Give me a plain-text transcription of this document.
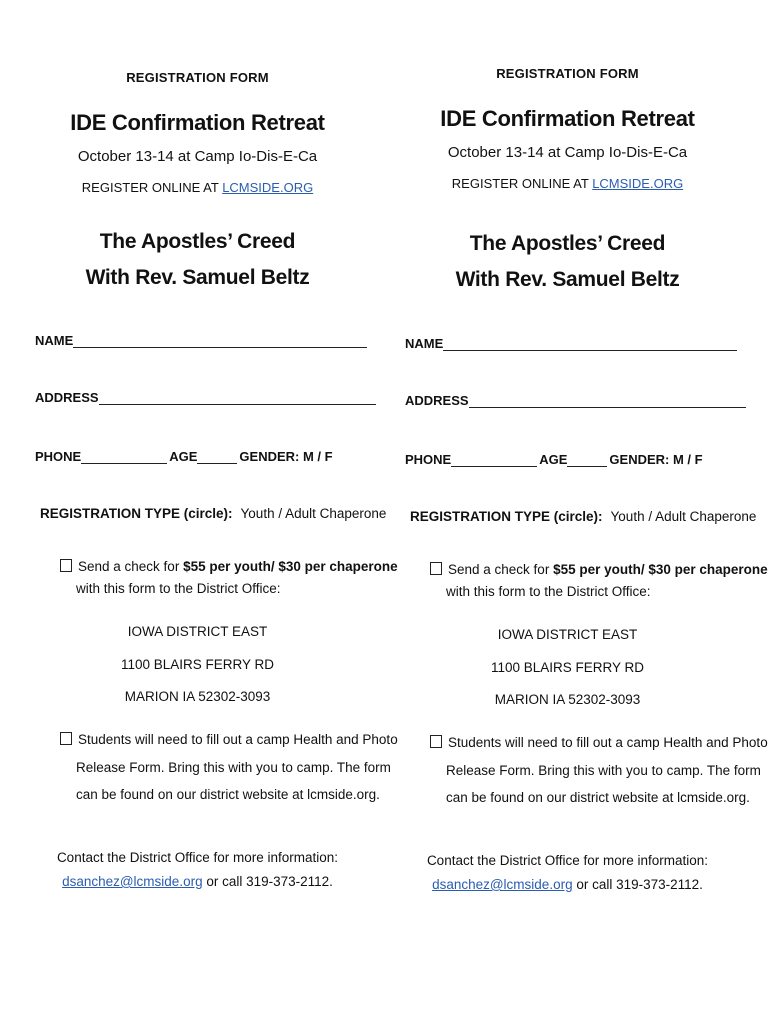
REGISTRATION FORM
IDE Confirmation Retreat
October 13-14 at Camp Io-Dis-E-Ca
REGISTER ONLINE AT LCMSIDE.ORG
The Apostles’ Creed
With Rev. Samuel Beltz
NAME
ADDRESS
PHONE	AGE	GENDER: M / F
REGISTRATION TYPE (circle): Youth / Adult Chaperone
Send a check for $55 per youth/ $30 per chaperone
with this form to the District Office:
IOWA DISTRICT EAST
1100 BLAIRS FERRY RD
MARION IA 52302-3093
Students will need to fill out a camp Health and Photo
Release Form. Bring this with you to camp. The form
can be found on our district website at lcmside.org.
Contact the District Office for more information:
dsanchez@lcmside.org or call 319-373-2112.
REGISTRATION FORM
IDE Confirmation Retreat
October 13-14 at Camp Io-Dis-E-Ca
REGISTER ONLINE AT LCMSIDE.ORG
The Apostles’ Creed
With Rev. Samuel Beltz
NAME
ADDRESS
PHONE	AGE	GENDER: M / F
REGISTRATION TYPE (circle): Youth / Adult Chaperone
Send a check for $55 per youth/ $30 per chaperone
with this form to the District Office:
IOWA DISTRICT EAST
1100 BLAIRS FERRY RD
MARION IA 52302-3093
Students will need to fill out a camp Health and Photo
Release Form. Bring this with you to camp. The form
can be found on our district website at lcmside.org.
Contact the District Office for more information:
dsanchez@lcmside.org or call 319-373-2112.
